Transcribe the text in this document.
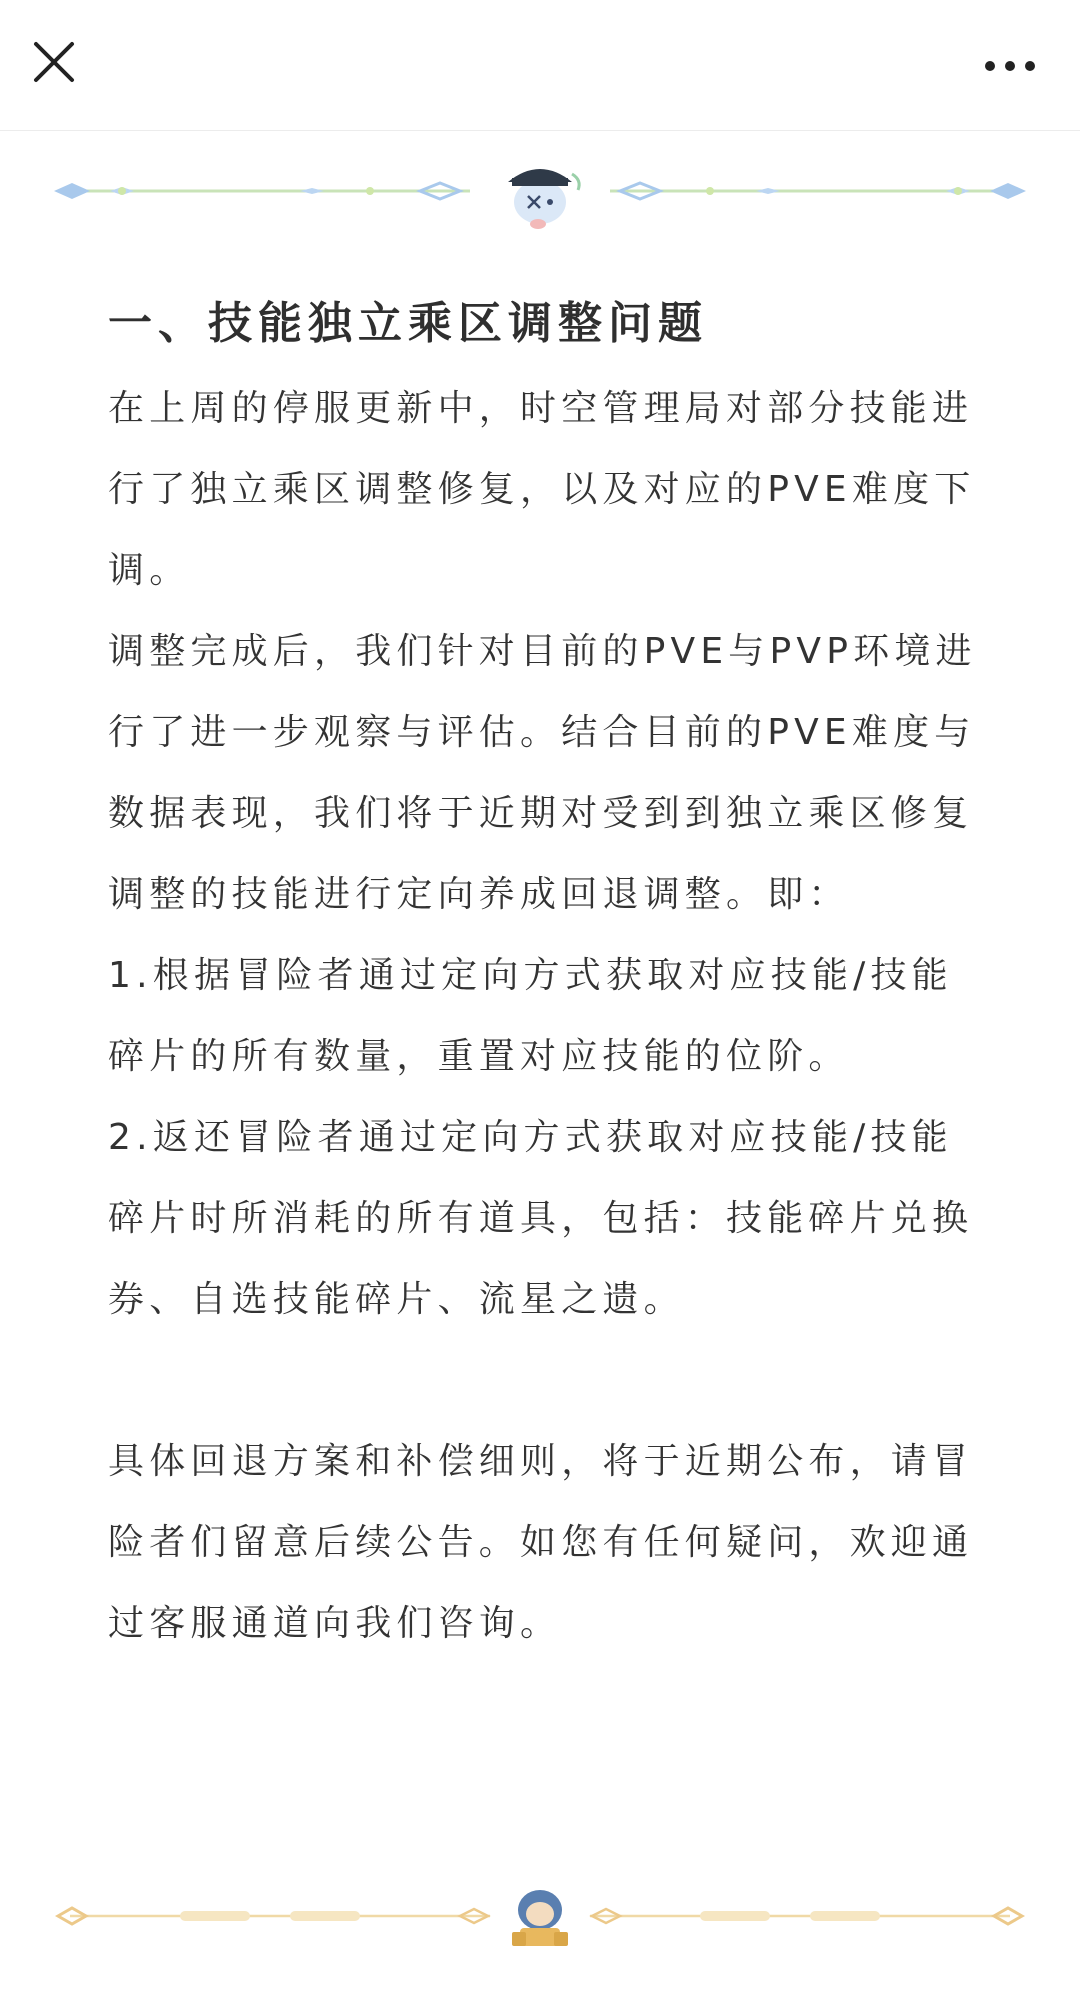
一、技能独立乘区调整问题

在上周的停服更新中，时空管理局对部分技能进行了独立乘区调整修复，以及对应的PVE难度下调。

调整完成后，我们针对目前的PVE与PVP环境进行了进一步观察与评估。结合目前的PVE难度与数据表现，我们将于近期对受到到独立乘区修复调整的技能进行定向养成回退调整。即：

1.根据冒险者通过定向方式获取对应技能/技能碎片的所有数量，重置对应技能的位阶。

2.返还冒险者通过定向方式获取对应技能/技能碎片时所消耗的所有道具，包括：技能碎片兑换券、自选技能碎片、流星之遗。

具体回退方案和补偿细则，将于近期公布，请冒险者们留意后续公告。如您有任何疑问，欢迎通过客服通道向我们咨询。
